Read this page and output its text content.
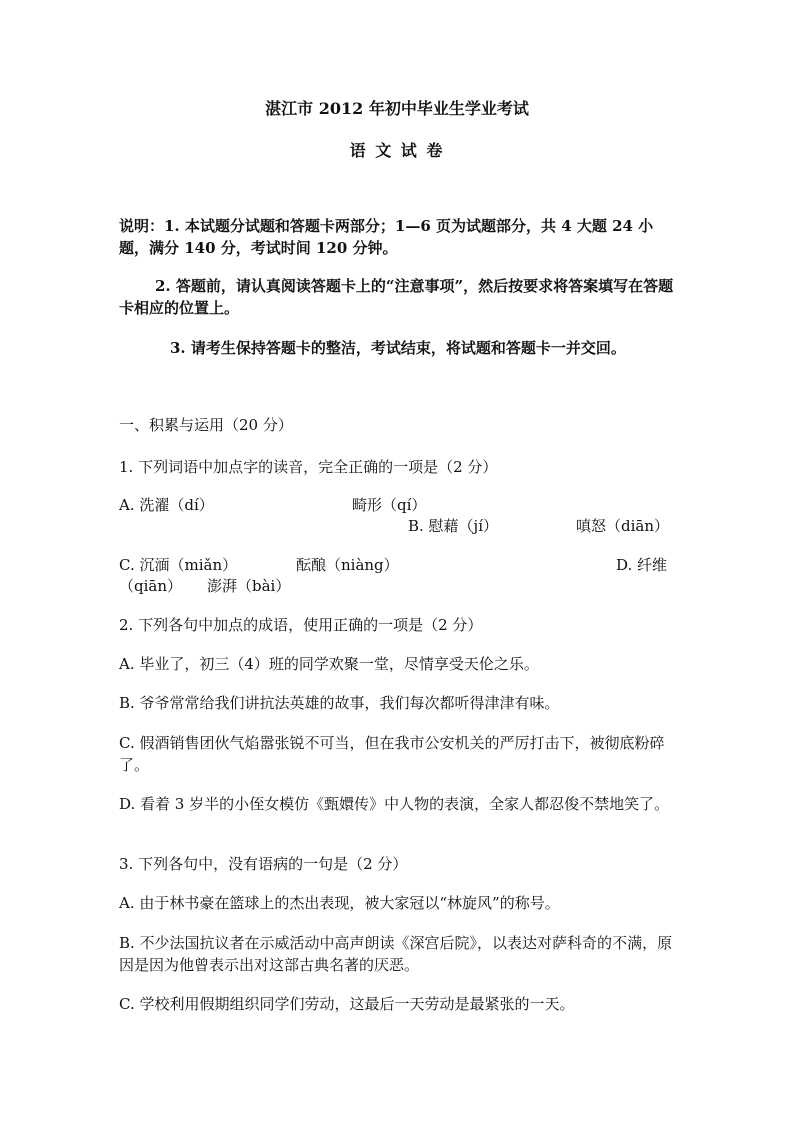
湛江市 2012 年初中毕业生学业考试
语 文 试 卷
说明：1. 本试题分试题和答题卡两部分；1—6 页为试题部分，共 4 大题 24 小题，满分 140 分，考试时间 120 分钟。
2. 答题前，请认真阅读答题卡上的“注意事项”，然后按要求将答案填写在答题卡相应的位置上。
3. 请考生保持答题卡的整洁，考试结束，将试题和答题卡一并交回。
一、积累与运用（20 分）
1. 下列词语中加点字的读音，完全正确的一项是（2 分）
A. 洗濯（dí）	畸形（qí）
B. 慰藉（jí）	嗔怒（diān）
C. 沉湎（miǎn）	酝酿（niàng）	D. 纤维
（qiān） 澎湃（bài）
2. 下列各句中加点的成语，使用正确的一项是（2 分）
A. 毕业了，初三（4）班的同学欢聚一堂，尽情享受天伦之乐。
B. 爷爷常常给我们讲抗法英雄的故事，我们每次都听得津津有味。
C. 假酒销售团伙气焰嚣张锐不可当，但在我市公安机关的严厉打击下，被彻底粉碎了。
D. 看着 3 岁半的小侄女模仿《甄嬛传》中人物的表演，全家人都忍俊不禁地笑了。
3. 下列各句中，没有语病的一句是（2 分）
A. 由于林书豪在篮球上的杰出表现，被大家冠以“林旋风”的称号。
B. 不少法国抗议者在示威活动中高声朗读《深宫后院》，以表达对萨科奇的不满，原因是因为他曾表示出对这部古典名著的厌恶。
C. 学校利用假期组织同学们劳动，这最后一天劳动是最紧张的一天。
